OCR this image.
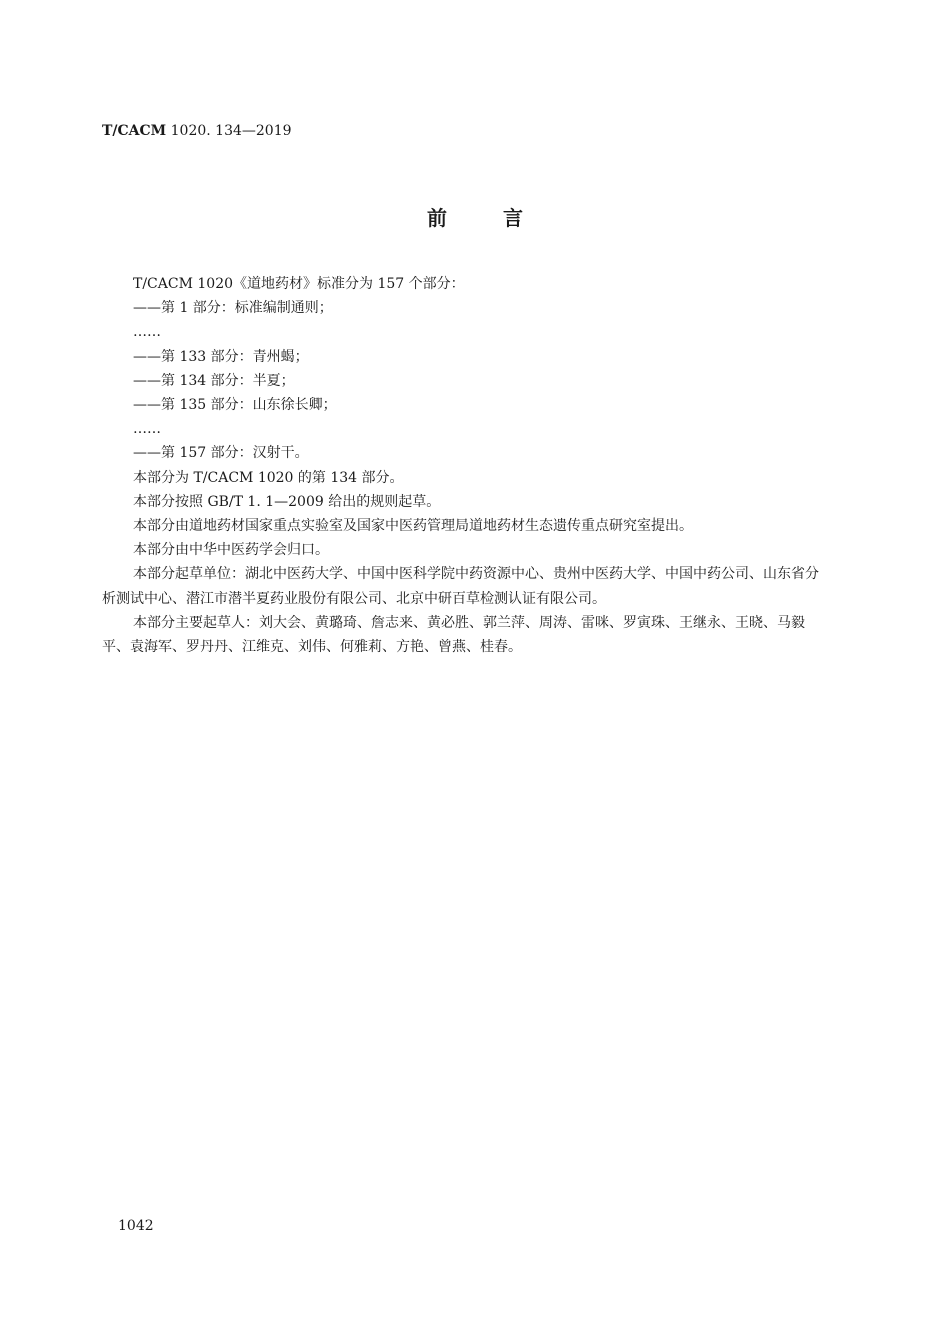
T/CACM 1020. 134—2019
前	言

T/CACM 1020《道地药材》标准分为 157 个部分：

——第 1 部分：标准编制通则；

……

——第 133 部分：青州蝎；

——第 134 部分：半夏；

——第 135 部分：山东徐长卿；

……

——第 157 部分：汉射干。

本部分为 T/CACM 1020 的第 134 部分。

本部分按照 GB/T 1. 1—2009 给出的规则起草。

本部分由道地药材国家重点实验室及国家中医药管理局道地药材生态遗传重点研究室提出。

本部分由中华中医药学会归口。

本部分起草单位：湖北中医药大学、中国中医科学院中药资源中心、贵州中医药大学、中国中药公司、山东省分析测试中心、潜江市潜半夏药业股份有限公司、北京中研百草检测认证有限公司。

本部分主要起草人：刘大会、黄璐琦、詹志来、黄必胜、郭兰萍、周涛、雷咪、罗寅珠、王继永、王晓、马毅平、袁海军、罗丹丹、江维克、刘伟、何雅莉、方艳、曾燕、桂春。

1042
